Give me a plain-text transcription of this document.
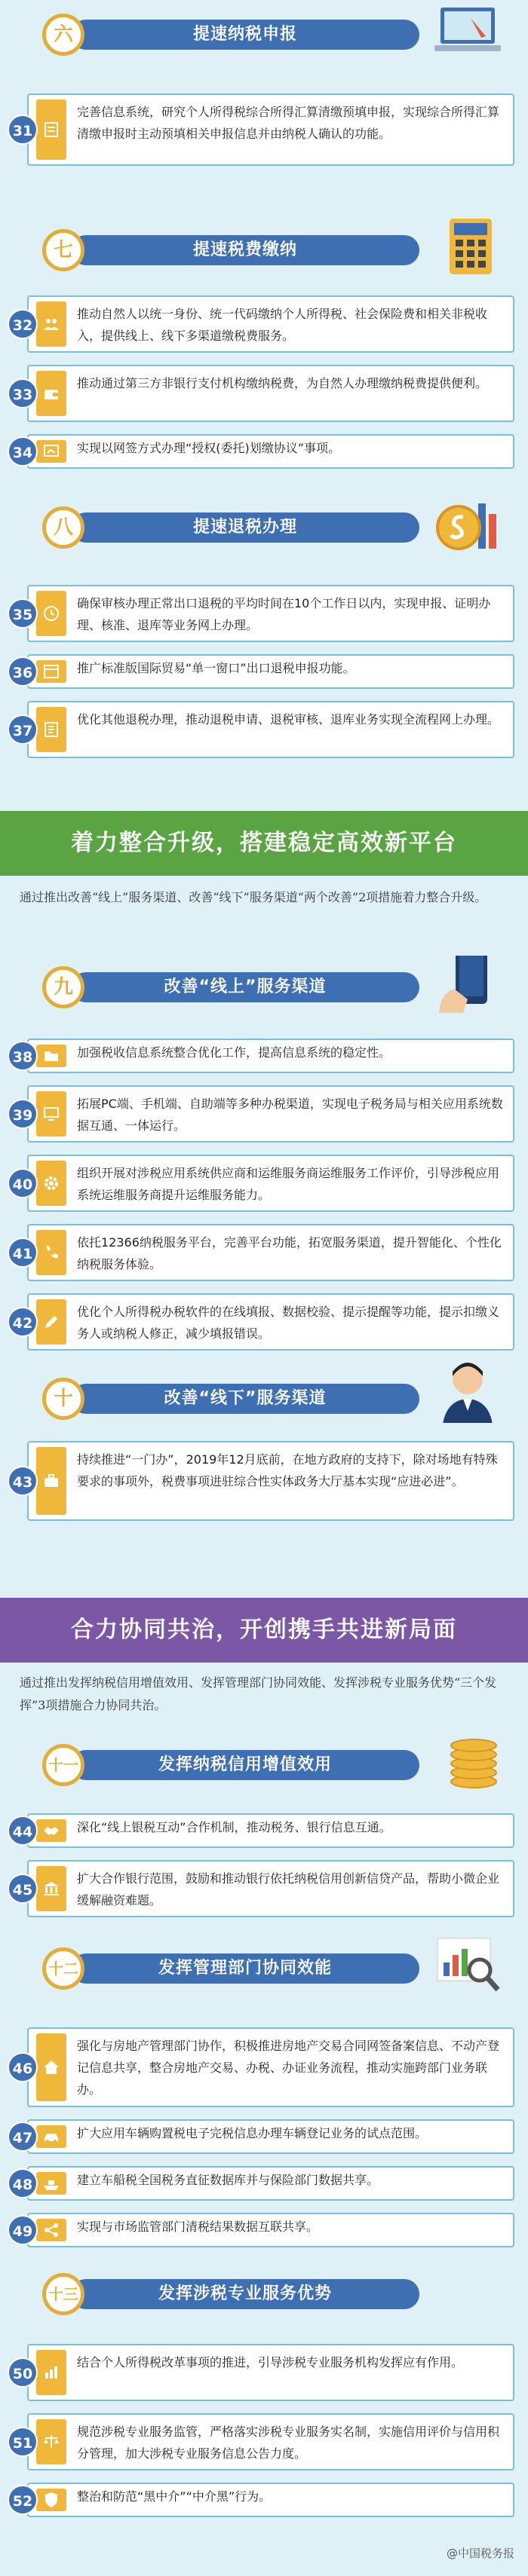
六	提速纳税申报
31
完善信息系统，研究个人所得税综合所得汇算清缴预填申报，实现综合所得汇算清缴申报时主动预填相关申报信息并由纳税人确认的功能。
七	提速税费缴纳
32
推动自然人以统一身份、统一代码缴纳个人所得税、社会保险费和相关非税收入，提供线上、线下多渠道缴税费服务。
33
推动通过第三方非银行支付机构缴纳税费，为自然人办理缴纳税费提供便利。
34	实现以网签方式办理“授权(委托)划缴协议”事项。
八	提速退税办理
35
确保审核办理正常出口退税的平均时间在10个工作日以内，实现申报、证明办理、核准、退库等业务网上办理。
36	推广标准版国际贸易“单一窗口”出口退税申报功能。
37
优化其他退税办理，推动退税申请、退税审核、退库业务实现全流程网上办理。
着力整合升级，搭建稳定高效新平台
通过推出改善“线上”服务渠道、改善“线下”服务渠道“两个改善”2项措施着力整合升级。
九	改善“线上”服务渠道
38	加强税收信息系统整合优化工作，提高信息系统的稳定性。
39
拓展PC端、手机端、自助端等多种办税渠道，实现电子税务局与相关应用系统数据互通、一体运行。
40
组织开展对涉税应用系统供应商和运维服务商运维服务工作评价，引导涉税应用系统运维服务商提升运维服务能力。
41
依托12366纳税服务平台，完善平台功能，拓宽服务渠道，提升智能化、个性化纳税服务体验。
42
优化个人所得税办税软件的在线填报、数据校验、提示提醒等功能，提示扣缴义务人或纳税人修正，减少填报错误。
十	改善“线下”服务渠道
43
持续推进“一门办”，2019年12月底前，在地方政府的支持下，除对场地有特殊要求的事项外，税费事项进驻综合性实体政务大厅基本实现“应进必进”。
合力协同共治，开创携手共进新局面
通过推出发挥纳税信用增值效用、发挥管理部门协同效能、发挥涉税专业服务优势“三个发挥”3项措施合力协同共治。
十一	发挥纳税信用增值效用
44	深化“线上银税互动”合作机制，推动税务、银行信息互通。
45
扩大合作银行范围，鼓励和推动银行依托纳税信用创新信贷产品，帮助小微企业缓解融资难题。
十二	发挥管理部门协同效能
46
强化与房地产管理部门协作，积极推进房地产交易合同网签备案信息、不动产登记信息共享，整合房地产交易、办税、办证业务流程，推动实施跨部门业务联办。
47	扩大应用车辆购置税电子完税信息办理车辆登记业务的试点范围。
48	建立车船税全国税务直征数据库并与保险部门数据共享。
49	实现与市场监管部门清税结果数据互联共享。
十三	发挥涉税专业服务优势
50
结合个人所得税改革事项的推进，引导涉税专业服务机构发挥应有作用。
51
规范涉税专业服务监管，严格落实涉税专业服务实名制，实施信用评价与信用积分管理，加大涉税专业服务信息公告力度。
52	整治和防范“黑中介”“中介黑”行为。
@中国税务报
